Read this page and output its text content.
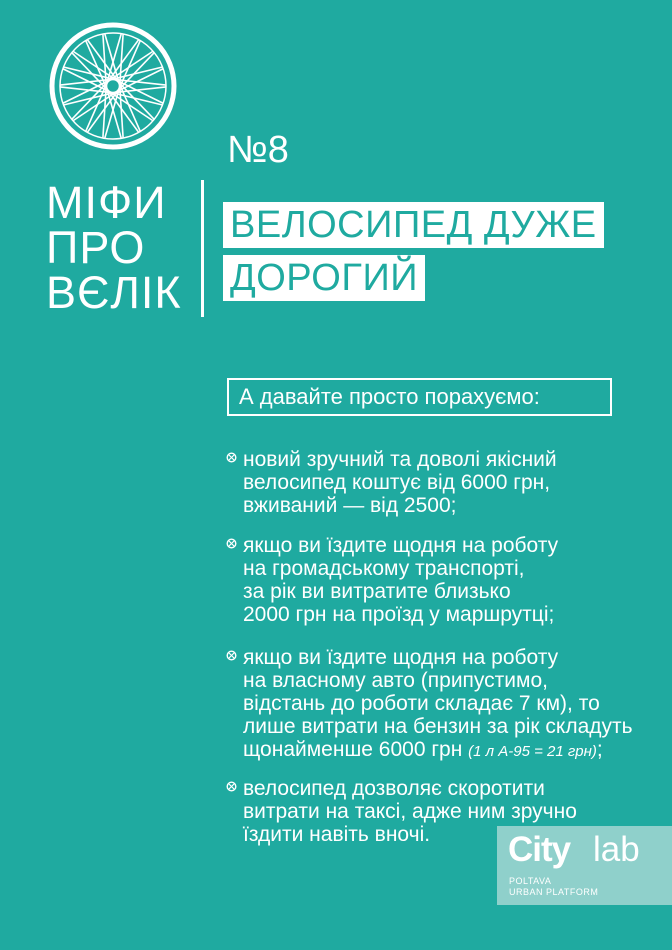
МІФИ
ПРО
ВЄЛІК
№8
ВЕЛОСИПЕД ДУЖЕ
ДОРОГИЙ
А давайте просто порахуємо:
новий зручний та доволі якісний
велосипед коштує від 6000 грн,
вживаний — від 2500;
якщо ви їздите щодня на роботу
на громадському транспорті,
за рік ви витратите близько
2000 грн на проїзд у маршрутці;
якщо ви їздите щодня на роботу
на власному авто (припустимо,
відстань до роботи складає 7 км), то
лише витрати на бензин за рік складуть
щонайменше 6000 грн (1 л А-95 = 21 грн);
велосипед дозволяє скоротити
витрати на таксі, адже ним зручно
їздити навіть вночі.	City lab
POLTAVA
URBAN PLATFORM
